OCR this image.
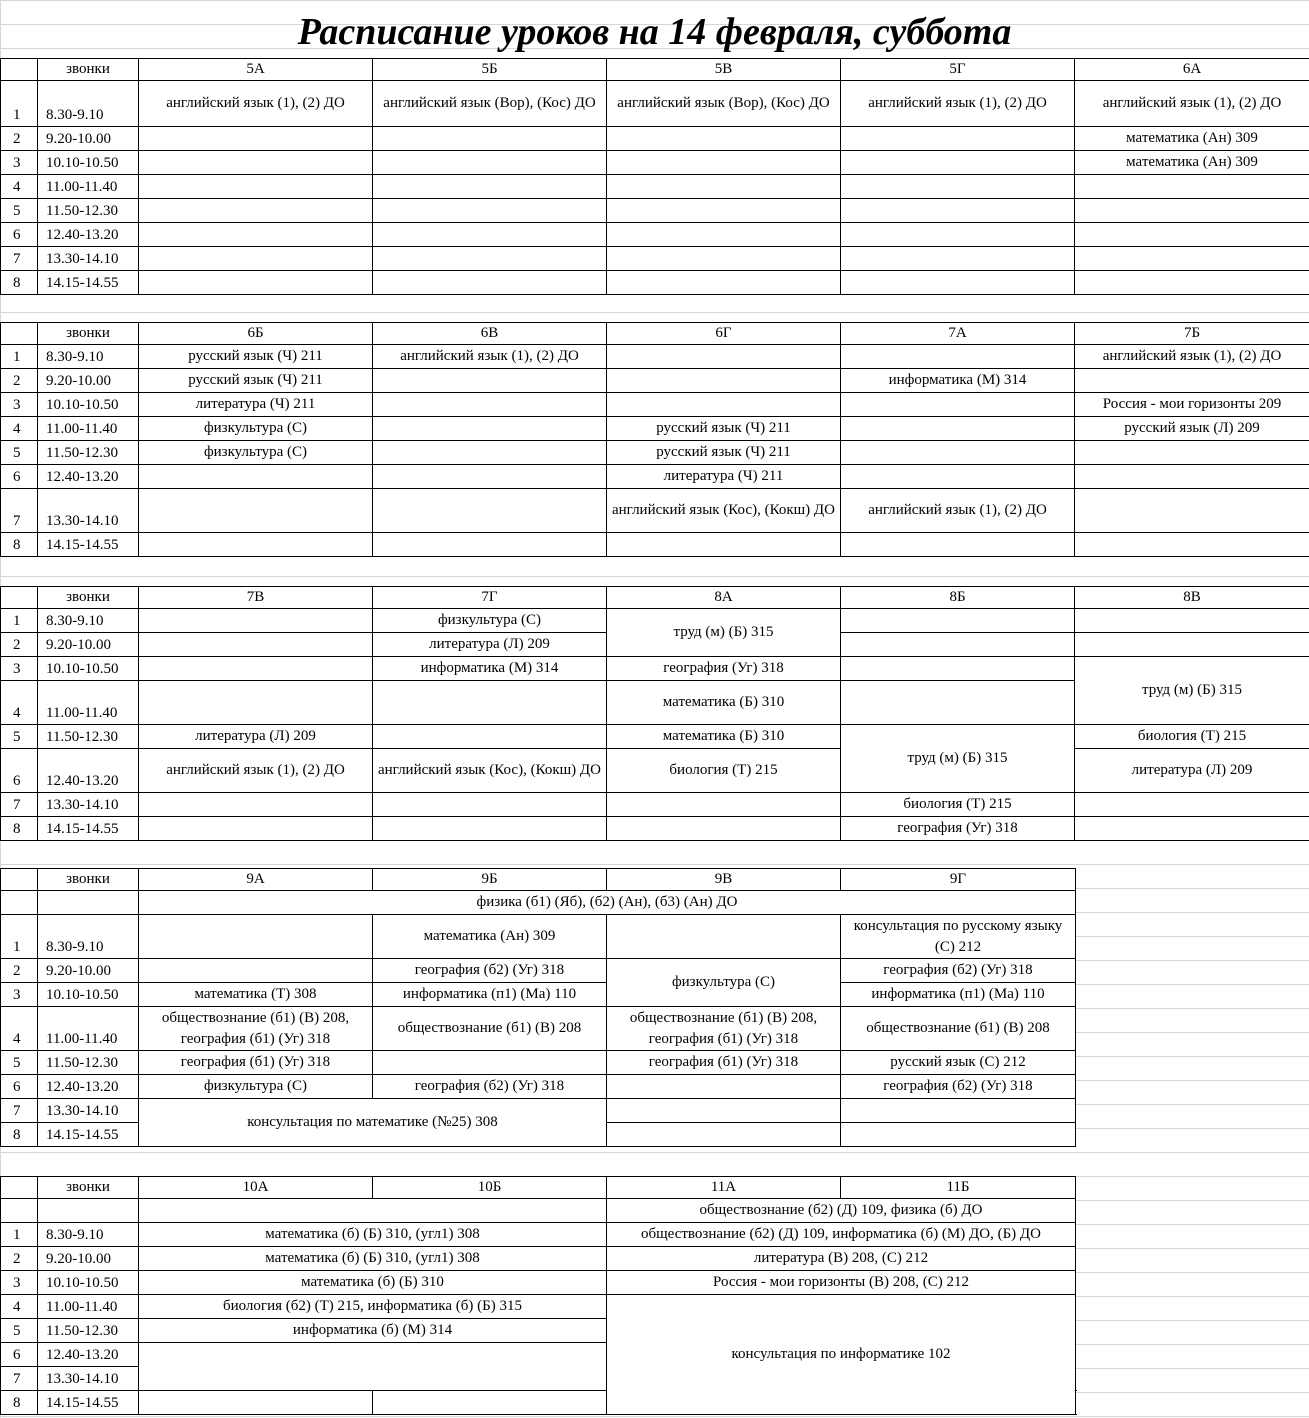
Расписание уроков на 14 февраля, суббота
	звонки	5А	5Б	5В	5Г	6А
1	8.30-9.10	английский язык (1), (2) ДО	английский язык (Вор), (Кос) ДО	английский язык (Вор), (Кос) ДО	английский язык (1), (2) ДО	английский язык (1), (2) ДО
2	9.20-10.00					математика (Ан) 309
3	10.10-10.50					математика (Ан) 309
4	11.00-11.40					
5	11.50-12.30					
6	12.40-13.20					
7	13.30-14.10					
8	14.15-14.55					
	звонки	6Б	6В	6Г	7А	7Б
1	8.30-9.10	русский язык (Ч) 211	английский язык (1), (2) ДО			английский язык (1), (2) ДО
2	9.20-10.00	русский язык (Ч) 211			информатика (М) 314	
3	10.10-10.50	литература (Ч) 211				Россия - мои горизонты 209
4	11.00-11.40	физкультура (С)		русский язык (Ч) 211		русский язык (Л) 209
5	11.50-12.30	физкультура (С)		русский язык (Ч) 211		
6	12.40-13.20			литература (Ч) 211		
7	13.30-14.10			английский язык (Кос), (Кокш) ДО	английский язык (1), (2) ДО	
8	14.15-14.55					
	звонки	7В	7Г	8А	8Б	8В
1	8.30-9.10		физкультура (С)	труд (м) (Б) 315		
2	9.20-10.00		литература (Л) 209			
3	10.10-10.50		информатика (М) 314	география (Уг) 318		труд (м) (Б) 315
4	11.00-11.40			математика (Б) 310		
5	11.50-12.30	литература (Л) 209		математика (Б) 310	труд (м) (Б) 315	биология (Т) 215
6	12.40-13.20	английский язык (1), (2) ДО	английский язык (Кос), (Кокш) ДО	биология (Т) 215		литература (Л) 209
7	13.30-14.10				биология (Т) 215	
8	14.15-14.55				география (Уг) 318	
	звонки	9А	9Б	9В	9Г
		физика (б1) (Яб), (б2) (Ан), (б3) (Ан) ДО			
1	8.30-9.10		математика (Ан) 309		консультация по русскому языку (С) 212
2	9.20-10.00		география (б2) (Уг) 318	физкультура (С)	география (б2) (Уг) 318
3	10.10-10.50	математика (Т) 308	информатика (п1) (Ма) 110		информатика (п1) (Ма) 110
4	11.00-11.40	обществознание (б1) (В) 208, география (б1) (Уг) 318	обществознание (б1) (В) 208	обществознание (б1) (В) 208, география (б1) (Уг) 318	обществознание (б1) (В) 208
5	11.50-12.30	география (б1) (Уг) 318		география (б1) (Уг) 318	русский язык (С) 212
6	12.40-13.20	физкультура (С)	география (б2) (Уг) 318		география (б2) (Уг) 318
7	13.30-14.10	консультация по математике (№25) 308			
8	14.15-14.55				
	звонки	10А	10Б	11А	11Б	
				обществознание (б2) (Д) 109, физика (б) ДО		
1	8.30-9.10	математика (б) (Б) 310, (угл1) 308		обществознание (б2) (Д) 109, информатика (б) (М) ДО, (Б) ДО		
2	9.20-10.00	математика (б) (Б) 310, (угл1) 308		литература (В) 208, (С) 212		
3	10.10-10.50	математика (б) (Б) 310		Россия - мои горизонты (В) 208, (С) 212		
4	11.00-11.40	биология (б2) (Т) 215, информатика (б) (Б) 315		консультация по информатике 102		
5	11.50-12.30	информатика (б) (М) 314				
6	12.40-13.20					
7	13.30-14.10					
8	14.15-14.55					
